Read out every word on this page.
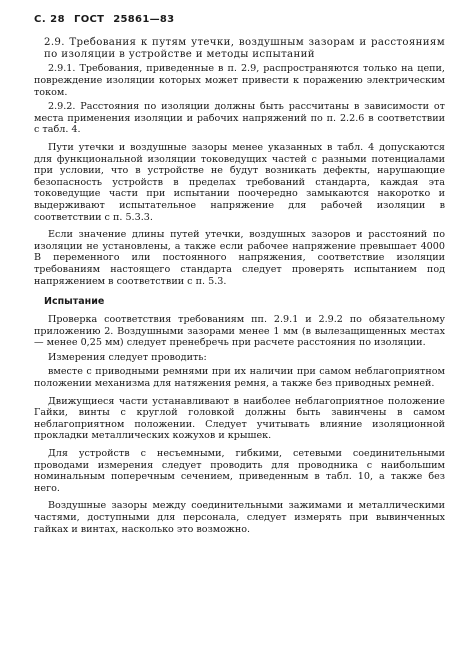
С. 28 ГОСТ 25861—83
2.9. Требования к путям утечки, воздушным зазорам и расстояниям по изоляции в устройстве и методы испытаний

2.9.1. Требования, приведенные в п. 2.9, распространяются только на цепи, повреждение изоляции которых может привести к поражению электрическим током.

2.9.2. Расстояния по изоляции должны быть рассчитаны в зависимости от места применения изоляции и рабочих напряжений по п. 2.2.6 в соответствии с табл. 4.

Пути утечки и воздушные зазоры менее указанных в табл. 4 допускаются для функциональной изоляции токоведущих частей с разными потенциалами при условии, что в устройстве не будут возникать дефекты, нарушающие безопасность устройств в пределах требований стандарта, каждая эта токоведущие части при испытании поочередно замыкаются накоротко и выдерживают испытательное напряжение для рабочей изоляции в соответствии с п. 5.3.3.

Если значение длины путей утечки, воздушных зазоров и расстояний по изоляции не установлены, а также если рабочее напряжение превышает 4000 В переменного или постоянного напряжения, соответствие изоляции требованиям настоящего стандарта следует проверять испытанием под напряжением в соответствии с п. 5.3.

Испытание

Проверка соответствия требованиям пп. 2.9.1 и 2.9.2 по обязательному приложению 2. Воздушными зазорами менее 1 мм (в вылезащищенных местах — менее 0,25 мм) следует пренебречь при расчете расстояния по изоляции.

Измерения следует проводить:

вместе с приводными ремнями при их наличии при самом неблагоприятном положении механизма для натяжения ремня, а также без приводных ремней.

Движущиеся части устанавливают в наиболее неблагоприятное положение Гайки, винты с круглой головкой должны быть завинчены в самом неблагоприятном положении. Следует учитывать влияние изоляционной прокладки металлических кожухов и крышек.

Для устройств с несъемными, гибкими, сетевыми соединительными проводами измерения следует проводить для проводника с наибольшим номинальным поперечным сечением, приведенным в табл. 10, а также без него.

Воздушные зазоры между соединительными зажимами и металлическими частями, доступными для персонала, следует измерять при вывинченных гайках и винтах, насколько это возможно.
